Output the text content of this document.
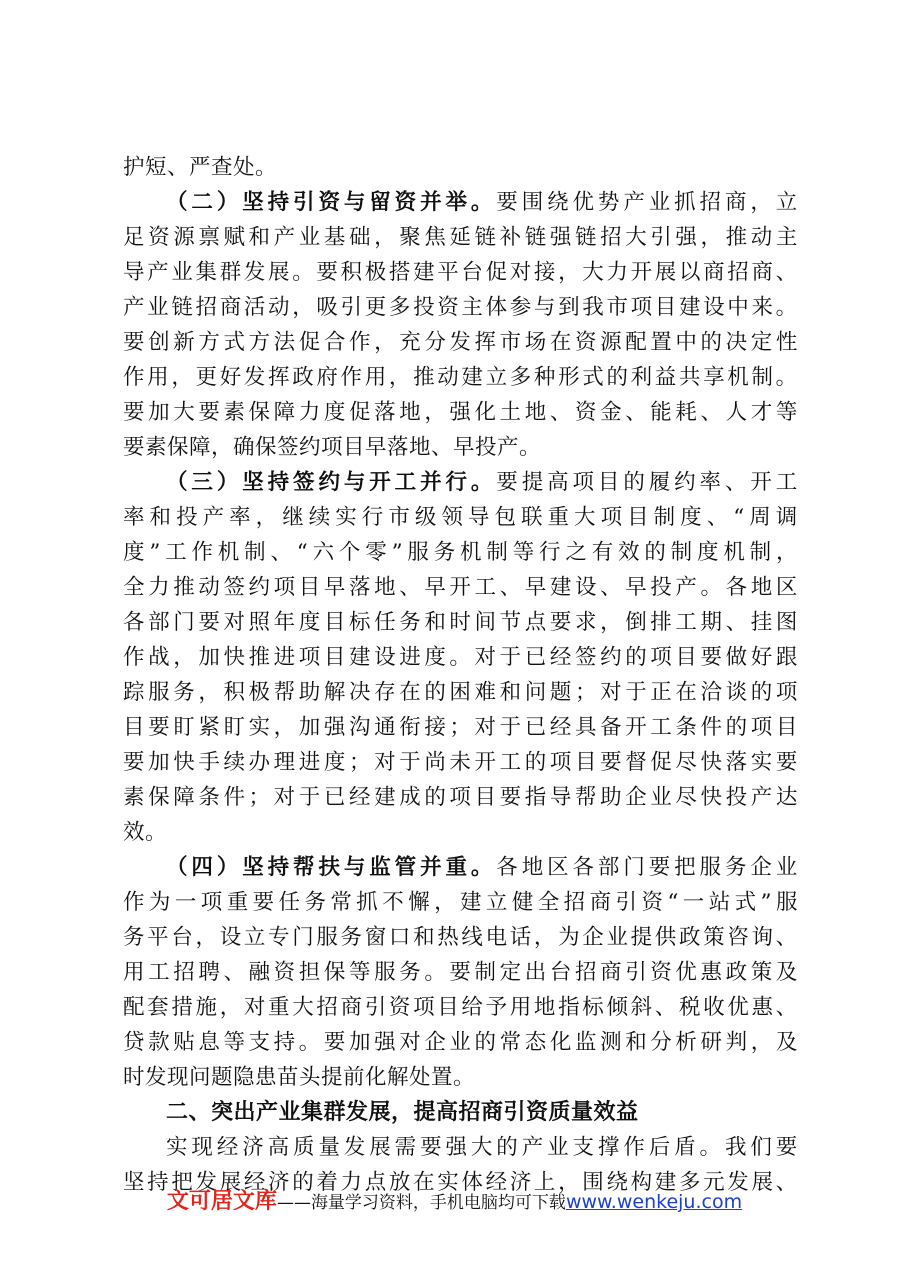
护短、严查处。
（ 二 ） 坚 持 引 资 与 留 资 并 举 。 要 围 绕 优 势 产 业 抓 招 商 ， 立
足 资 源 禀 赋 和 产 业 基 础 ， 聚 焦 延 链 补 链 强 链 招 大 引 强 ， 推 动 主
导 产 业 集 群 发 展 。 要 积 极 搭 建 平 台 促 对 接 ， 大 力 开 展 以 商 招 商 、
产 业 链 招 商 活 动 ， 吸 引 更 多 投 资 主 体 参 与 到 我 市 项 目 建 设 中 来 。
要 创 新 方 式 方 法 促 合 作 ， 充 分 发 挥 市 场 在 资 源 配 置 中 的 决 定 性
作 用 ， 更 好 发 挥 政 府 作 用 ， 推 动 建 立 多 种 形 式 的 利 益 共 享 机 制 。
要 加 大 要 素 保 障 力 度 促 落 地 ， 强 化 土 地 、 资 金 、 能 耗 、 人 才 等
要素保障，确保签约项目早落地、早投产。
（ 三 ） 坚 持 签 约 与 开 工 并 行 。 要 提 高 项 目 的 履 约 率 、 开 工
率 和 投 产 率 ， 继 续 实 行 市 级 领 导 包 联 重 大 项 目 制 度 、 “ 周 调
度 ” 工 作 机 制 、 “ 六 个 零 ” 服 务 机 制 等 行 之 有 效 的 制 度 机 制 ，
全 力 推 动 签 约 项 目 早 落 地 、 早 开 工 、 早 建 设 、 早 投 产 。 各 地 区
各 部 门 要 对 照 年 度 目 标 任 务 和 时 间 节 点 要 求 ， 倒 排 工 期 、 挂 图
作 战 ， 加 快 推 进 项 目 建 设 进 度 。 对 于 已 经 签 约 的 项 目 要 做 好 跟
踪 服 务 ， 积 极 帮 助 解 决 存 在 的 困 难 和 问 题 ； 对 于 正 在 洽 谈 的 项
目 要 盯 紧 盯 实 ， 加 强 沟 通 衔 接 ； 对 于 已 经 具 备 开 工 条 件 的 项 目
要 加 快 手 续 办 理 进 度 ； 对 于 尚 未 开 工 的 项 目 要 督 促 尽 快 落 实 要
素 保 障 条 件 ； 对 于 已 经 建 成 的 项 目 要 指 导 帮 助 企 业 尽 快 投 产 达
效。
（ 四 ） 坚 持 帮 扶 与 监 管 并 重 。 各 地 区 各 部 门 要 把 服 务 企 业
作 为 一 项 重 要 任 务 常 抓 不 懈 ， 建 立 健 全 招 商 引 资 “ 一 站 式 ” 服
务 平 台 ， 设 立 专 门 服 务 窗 口 和 热 线 电 话 ， 为 企 业 提 供 政 策 咨 询 、
用 工 招 聘 、 融 资 担 保 等 服 务 。 要 制 定 出 台 招 商 引 资 优 惠 政 策 及
配 套 措 施 ， 对 重 大 招 商 引 资 项 目 给 予 用 地 指 标 倾 斜 、 税 收 优 惠 、
贷 款 贴 息 等 支 持 。 要 加 强 对 企 业 的 常 态 化 监 测 和 分 析 研 判 ， 及
时发现问题隐患苗头提前化解处置。
二、突出产业集群发展，提高招商引资质量效益
实 现 经 济 高 质 量 发 展 需 要 强 大 的 产 业 支 撑 作 后 盾 。 我 们 要
坚 持 把 发 展 经 济 的 着 力 点 放 在 实 体 经 济 上 ， 围 绕 构 建 多 元 发 展 、
文可居文库——海量学习资料，手机电脑均可下载www.wenkeju.com
